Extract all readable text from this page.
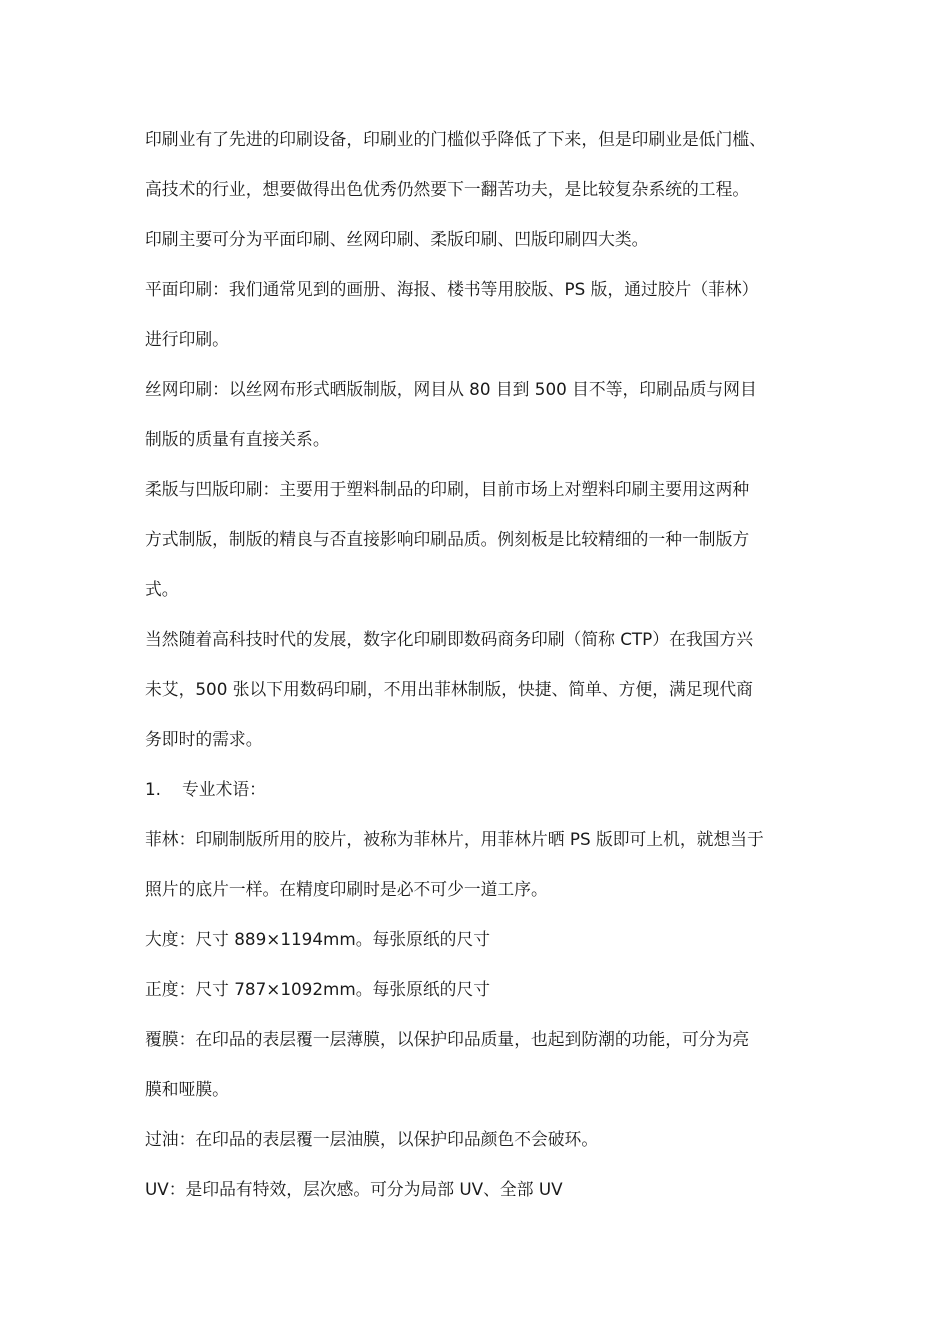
印刷业有了先进的印刷设备，印刷业的门槛似乎降低了下来，但是印刷业是低门槛、
高技术的行业，想要做得出色优秀仍然要下一翻苦功夫，是比较复杂系统的工程。
印刷主要可分为平面印刷、丝网印刷、柔版印刷、凹版印刷四大类。
平面印刷：我们通常见到的画册、海报、楼书等用胶版、PS 版，通过胶片（菲林）
进行印刷。
丝网印刷：以丝网布形式晒版制版，网目从 80 目到 500 目不等，印刷品质与网目
制版的质量有直接关系。
柔版与凹版印刷：主要用于塑料制品的印刷，目前市场上对塑料印刷主要用这两种
方式制版，制版的精良与否直接影响印刷品质。例刻板是比较精细的一种一制版方
式。
当然随着高科技时代的发展，数字化印刷即数码商务印刷（简称 CTP）在我国方兴
未艾，500 张以下用数码印刷，不用出菲林制版，快捷、简单、方便，满足现代商
务即时的需求。
1. 专业术语：
菲林：印刷制版所用的胶片，被称为菲林片，用菲林片晒 PS 版即可上机，就想当于
照片的底片一样。在精度印刷时是必不可少一道工序。
大度：尺寸 889×1194mm。每张原纸的尺寸
正度：尺寸 787×1092mm。每张原纸的尺寸
覆膜：在印品的表层覆一层薄膜，以保护印品质量，也起到防潮的功能，可分为亮
膜和哑膜。
过油：在印品的表层覆一层油膜，以保护印品颜色不会破环。
UV：是印品有特效，层次感。可分为局部 UV、全部 UV
